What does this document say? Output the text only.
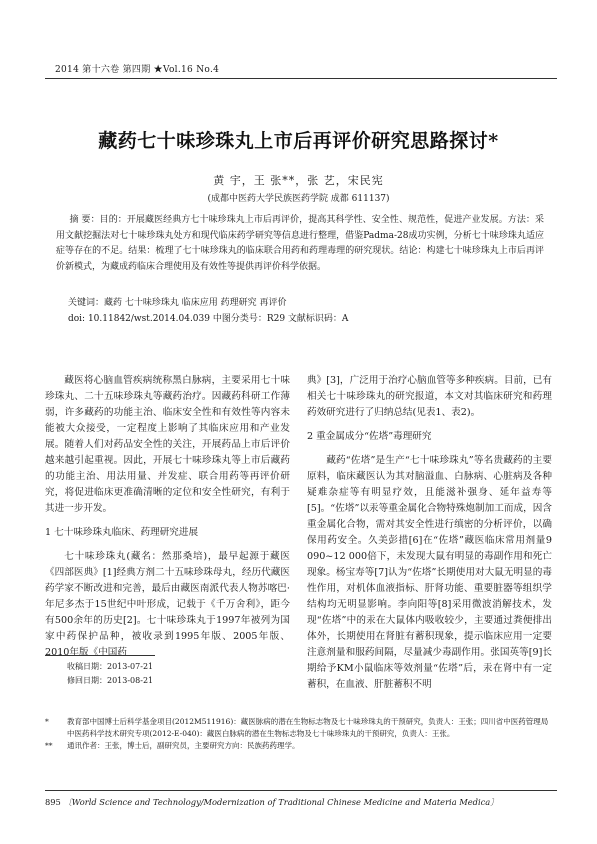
2014 第十六卷 第四期 ★Vol.16 No.4
藏药七十味珍珠丸上市后再评价研究思路探讨*
黄 宇，王 张**，张 艺，宋民宪
(成都中医药大学民族医药学院 成都 611137)

摘 要：目的：开展藏医经典方七十味珍珠丸上市后再评价，提高其科学性、安全性、规范性，促进产业发展。方法：采用文献挖掘法对七十味珍珠丸处方和现代临床药学研究等信息进行整理，借鉴Padma-28成功实例，分析七十味珍珠丸适应症等存在的不足。结果：梳理了七十味珍珠丸的临床联合用药和药理毒理的研究现状。结论：构建七十味珍珠丸上市后再评价新模式，为藏成药临床合理使用及有效性等提供再评价科学依据。

关键词：藏药 七十味珍珠丸 临床应用 药理研究 再评价
doi: 10.11842/wst.2014.04.039 中图分类号：R29 文献标识码：A

藏医将心脑血管疾病统称黑白脉病，主要采用七十味珍珠丸、二十五味珍珠丸等藏药治疗。因藏药科研工作薄弱，许多藏药的功能主治、临床安全性和有效性等内容未能被大众接受，一定程度上影响了其临床应用和产业发展。随着人们对药品安全性的关注，开展药品上市后评价越来越引起重视。因此，开展七十味珍珠丸等上市后藏药的功能主治、用法用量、并发症、联合用药等再评价研究，将促进临床更准确清晰的定位和安全性研究，有利于其进一步开发。

1 七十味珍珠丸临床、药理研究进展

七十味珍珠丸(藏名：然那桑培)，最早起源于藏医《四部医典》[1]经典方剂二十五味珍珠母丸，经历代藏医药学家不断改进和完善，最后由藏医南派代表人物苏喀巴·年尼多杰于15世纪中叶形成，记载于《千万舍利》，距今有500余年的历史[2]。七十味珍珠丸于1997年被列为国家中药保护品种，被收录到1995年版、2005年版、2010年版《中国药

典》[3]，广泛用于治疗心脑血管等多种疾病。目前，已有相关七十味珍珠丸的研究报道，本文对其临床研究和药理药效研究进行了归纳总结(见表1、表2)。

2 重金属成分“佐塔”毒理研究

藏药“佐塔”是生产“七十味珍珠丸”等名贵藏药的主要原料，临床藏医认为其对脑溢血、白脉病、心脏病及各种疑难杂症等有明显疗效，且能滋补强身、延年益寿等[5]。“佐塔”以汞等重金属化合物特殊炮制加工而成，因含重金属化合物，需对其安全性进行缜密的分析评价，以确保用药安全。久美彭措[6]在“佐塔”藏医临床常用剂量9 090~12 000倍下，未发现大鼠有明显的毒副作用和死亡现象。杨宝寿等[7]认为“佐塔”长期使用对大鼠无明显的毒性作用，对机体血液指标、肝肾功能、重要脏器等组织学结构均无明显影响。李向阳等[8]采用微波消解技术，发现“佐塔”中的汞在大鼠体内吸收较少，主要通过粪便排出体外，长期使用在肾脏有蓄积现象，提示临床应用一定要注意剂量和服药间隔，尽量减少毒副作用。张国英等[9]长期给予KM小鼠临床等效剂量“佐塔”后，汞在肾中有一定蓄积，在血液、肝脏蓄积不明

收稿日期：2013-07-21
修回日期：2013-08-21
*	教育部中国博士后科学基金项目(2012M511916)：藏医脉病的潜在生物标志物及七十味珍珠丸的干预研究，负责人：王张；四川省中医药管理局中医药科学技术研究专项(2012-E-040)：藏医白脉病的潜在生物标志物及七十味珍珠丸的干预研究，负责人：王张。
**	通讯作者：王张，博士后，副研究员，主要研究方向：民族药药理学。
895 〔World Science and Technology/Modernization of Traditional Chinese Medicine and Materia Medica〕
